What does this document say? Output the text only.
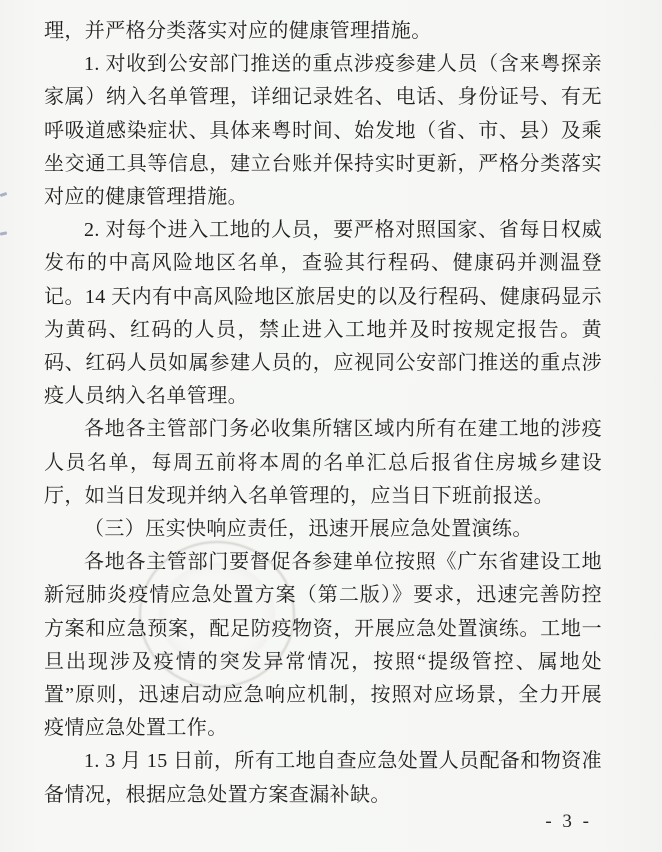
理，并严格分类落实对应的健康管理措施。

1. 对收到公安部门推送的重点涉疫参建人员（含来粤探亲家属）纳入名单管理，详细记录姓名、电话、身份证号、有无呼吸道感染症状、具体来粤时间、始发地（省、市、县）及乘坐交通工具等信息，建立台账并保持实时更新，严格分类落实对应的健康管理措施。

2. 对每个进入工地的人员，要严格对照国家、省每日权威发布的中高风险地区名单，查验其行程码、健康码并测温登记。14 天内有中高风险地区旅居史的以及行程码、健康码显示为黄码、红码的人员，禁止进入工地并及时按规定报告。黄码、红码人员如属参建人员的，应视同公安部门推送的重点涉疫人员纳入名单管理。

各地各主管部门务必收集所辖区域内所有在建工地的涉疫人员名单，每周五前将本周的名单汇总后报省住房城乡建设厅，如当日发现并纳入名单管理的，应当日下班前报送。

（三）压实快响应责任，迅速开展应急处置演练。

各地各主管部门要督促各参建单位按照《广东省建设工地新冠肺炎疫情应急处置方案（第二版）》要求，迅速完善防控方案和应急预案，配足防疫物资，开展应急处置演练。工地一旦出现涉及疫情的突发异常情况，按照“提级管控、属地处置”原则，迅速启动应急响应机制，按照对应场景，全力开展疫情应急处置工作。

1. 3 月 15 日前，所有工地自查应急处置人员配备和物资准备情况，根据应急处置方案查漏补缺。

- 3 -
